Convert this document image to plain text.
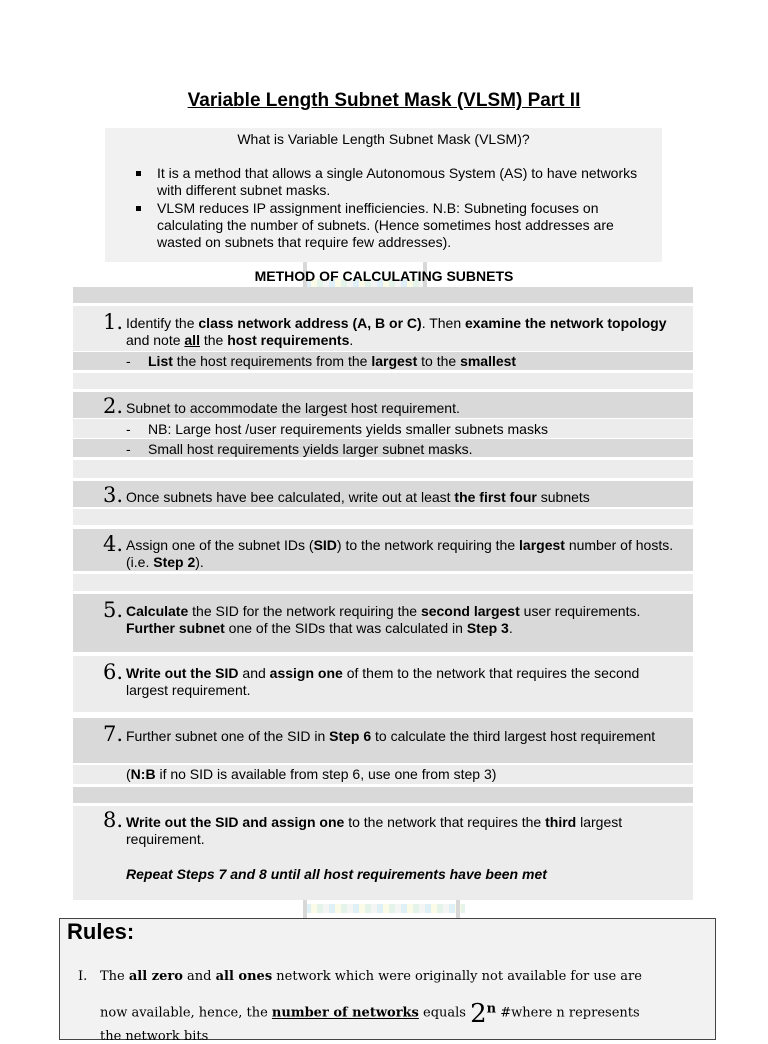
Variable Length Subnet Mask (VLSM) Part II
What is Variable Length Subnet Mask (VLSM)?
It is a method that allows a single Autonomous System (AS) to have networks with different subnet masks.
VLSM reduces IP assignment inefficiencies. N.B: Subneting focuses on calculating the number of subnets. (Hence sometimes host addresses are wasted on subnets that require few addresses).
METHOD OF CALCULATING SUBNETS
1. Identify the class network address (A, B or C). Then examine the network topology and note all the host requirements.
- List the host requirements from the largest to the smallest
2. Subnet to accommodate the largest host requirement.
- NB: Large host /user requirements yields smaller subnets masks
- Small host requirements yields larger subnet masks.
3. Once subnets have bee calculated, write out at least the first four subnets
4. Assign one of the subnet IDs (SID) to the network requiring the largest number of hosts. (i.e. Step 2).
5. Calculate the SID for the network requiring the second largest user requirements. Further subnet one of the SIDs that was calculated in Step 3.
6. Write out the SID and assign one of them to the network that requires the second largest requirement.
7. Further subnet one of the SID in Step 6 to calculate the third largest host requirement
(N:B if no SID is available from step 6, use one from step 3)
8. Write out the SID and assign one to the network that requires the third largest requirement.
Repeat Steps 7 and 8 until all host requirements have been met
Rules:
I. The all zero and all ones network which were originally not available for use are
now available, hence, the number of networks equals 2$^n$ #where n represents
the network bits
